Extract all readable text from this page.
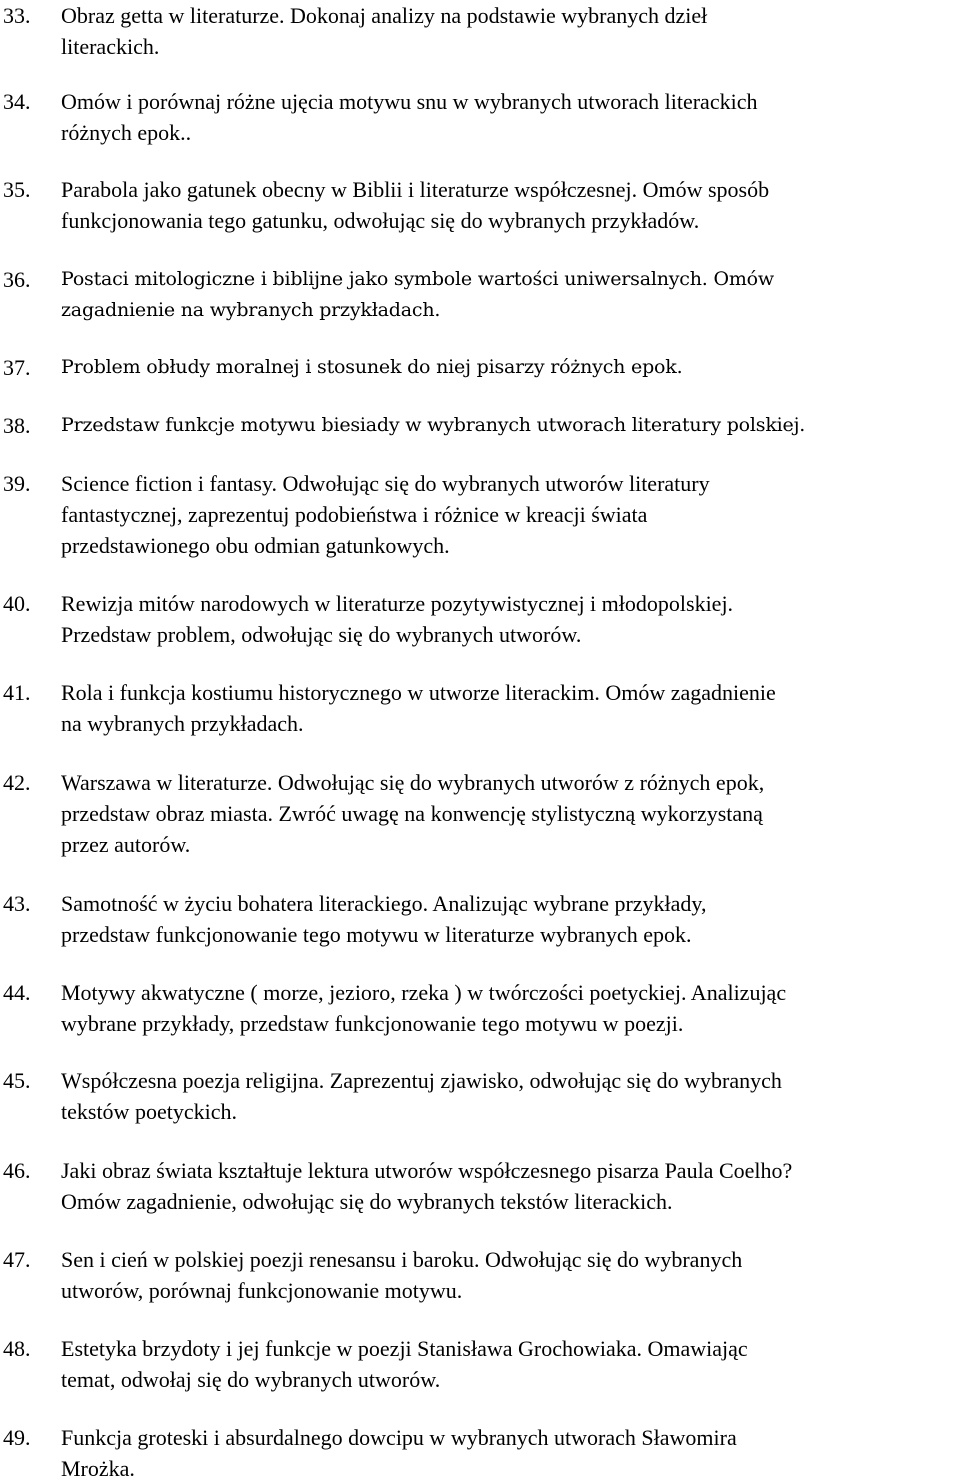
33. Obraz getta w literaturze. Dokonaj analizy na podstawie wybranych dzieł
literackich.
34. Omów i porównaj różne ujęcia motywu snu w wybranych utworach literackich
różnych epok..
35. Parabola jako gatunek obecny w Biblii i literaturze współczesnej. Omów sposób
funkcjonowania tego gatunku, odwołując się do wybranych przykładów.
36. Postaci mitologiczne i biblijne jako symbole wartości uniwersalnych. Omów
zagadnienie na wybranych przykładach.
37. Problem obłudy moralnej i stosunek do niej pisarzy różnych epok.
38. Przedstaw funkcje motywu biesiady w wybranych utworach literatury polskiej.
39. Science fiction i fantasy. Odwołując się do wybranych utworów literatury
fantastycznej, zaprezentuj podobieństwa i różnice w kreacji świata
przedstawionego obu odmian gatunkowych.
40. Rewizja mitów narodowych w literaturze pozytywistycznej i młodopolskiej.
Przedstaw problem, odwołując się do wybranych utworów.
41. Rola i funkcja kostiumu historycznego w utworze literackim. Omów zagadnienie
na wybranych przykładach.
42. Warszawa w literaturze. Odwołując się do wybranych utworów z różnych epok,
przedstaw obraz miasta. Zwróć uwagę na konwencję stylistyczną wykorzystaną
przez autorów.
43. Samotność w życiu bohatera literackiego. Analizując wybrane przykłady,
przedstaw funkcjonowanie tego motywu w literaturze wybranych epok.
44. Motywy akwatyczne ( morze, jezioro, rzeka ) w twórczości poetyckiej. Analizując
wybrane przykłady, przedstaw funkcjonowanie tego motywu w poezji.
45. Współczesna poezja religijna. Zaprezentuj zjawisko, odwołując się do wybranych
tekstów poetyckich.
46. Jaki obraz świata kształtuje lektura utworów współczesnego pisarza Paula Coelho?
Omów zagadnienie, odwołując się do wybranych tekstów literackich.
47. Sen i cień w polskiej poezji renesansu i baroku. Odwołując się do wybranych
utworów, porównaj funkcjonowanie motywu.
48. Estetyka brzydoty i jej funkcje w poezji Stanisława Grochowiaka. Omawiając
temat, odwołaj się do wybranych utworów.
49. Funkcja groteski i absurdalnego dowcipu w wybranych utworach Sławomira
Mrożka.
